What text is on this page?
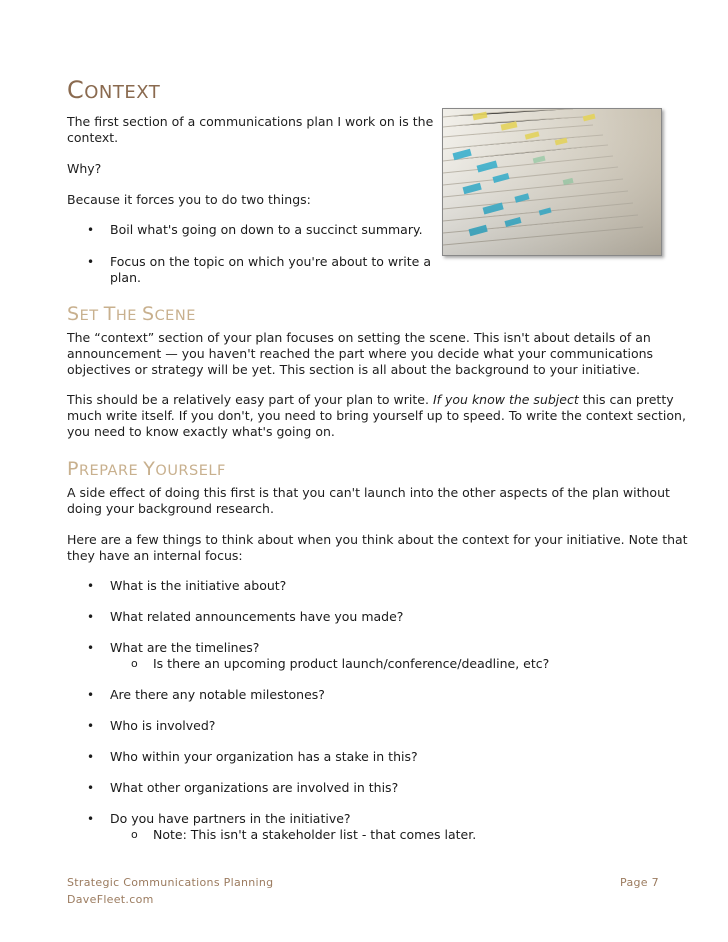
CONTEXT

The first section of a communications plan I work on is the

context.

Why?

Because it forces you to do two things:

• Boil what's going on down to a succinct summary.
• Focus on the topic on which you're about to write a
plan.
SET THE SCENE

The “context” section of your plan focuses on setting the scene. This isn't about details of an

announcement — you haven't reached the part where you decide what your communications

objectives or strategy will be yet. This section is all about the background to your initiative.

This should be a relatively easy part of your plan to write. If you know the subject this can pretty

much write itself. If you don't, you need to bring yourself up to speed. To write the context section,

you need to know exactly what's going on.

PREPARE YOURSELF

A side effect of doing this first is that you can't launch into the other aspects of the plan without

doing your background research.

Here are a few things to think about when you think about the context for your initiative. Note that

they have an internal focus:

• What is the initiative about?
• What related announcements have you made?
• What are the timelines?
o Is there an upcoming product launch/conference/deadline, etc?
• Are there any notable milestones?
• Who is involved?
• Who within your organization has a stake in this?
• What other organizations are involved in this?
• Do you have partners in the initiative?
o Note: This isn't a stakeholder list - that comes later.
Strategic Communications Planning	Page 7
DaveFleet.com
